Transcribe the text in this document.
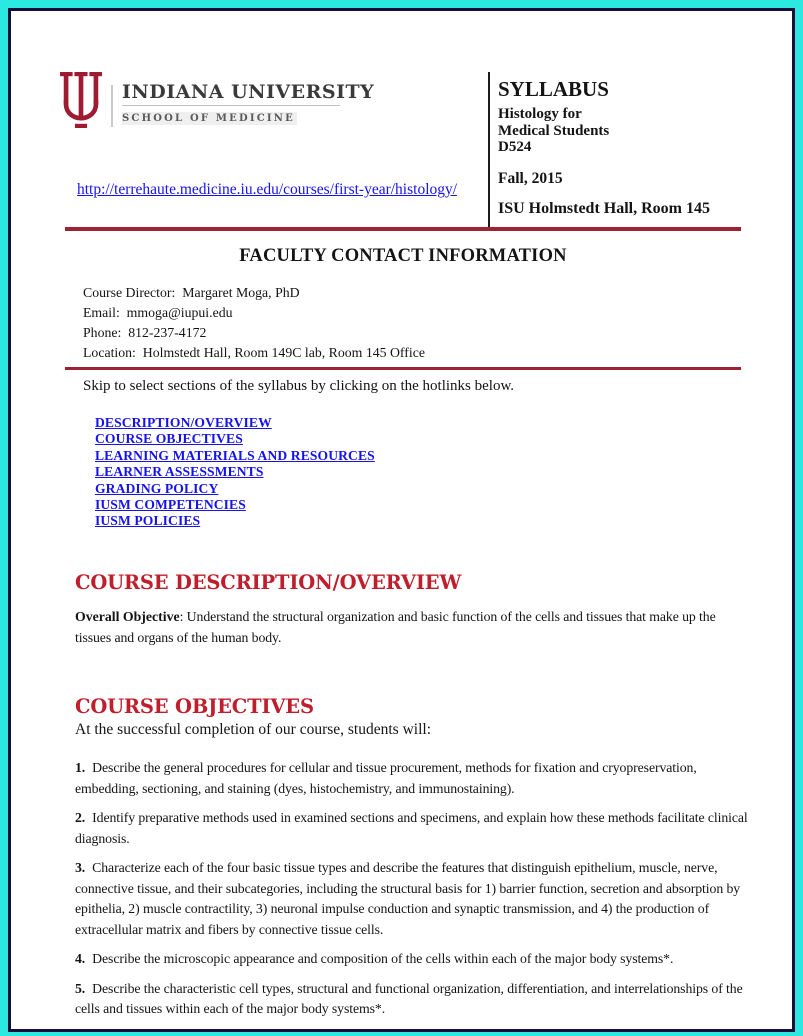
INDIANA UNIVERSITY
SCHOOL OF MEDICINE
http://terrehaute.medicine.iu.edu/courses/first-year/histology/
SYLLABUS
Histology for
Medical Students
D524
Fall, 2015
ISU Holmstedt Hall, Room 145
FACULTY CONTACT INFORMATION
Course Director:  Margaret Moga, PhD
Email:  mmoga@iupui.edu
Phone:  812-237-4172
Location:  Holmstedt Hall, Room 149C lab, Room 145 Office
Skip to select sections of the syllabus by clicking on the hotlinks below.
DESCRIPTION/OVERVIEW
COURSE OBJECTIVES
LEARNING MATERIALS AND RESOURCES
LEARNER ASSESSMENTS
GRADING POLICY
IUSM COMPETENCIES
IUSM POLICIES
COURSE DESCRIPTION/OVERVIEW

Overall Objective: Understand the structural organization and basic function of the cells and tissues that make up the tissues and organs of the human body.

COURSE OBJECTIVES

At the successful completion of our course, students will:

1. Describe the general procedures for cellular and tissue procurement, methods for fixation and cryopreservation, embedding, sectioning, and staining (dyes, histochemistry, and immunostaining).

2. Identify preparative methods used in examined sections and specimens, and explain how these methods facilitate clinical diagnosis.

3. Characterize each of the four basic tissue types and describe the features that distinguish epithelium, muscle, nerve, connective tissue, and their subcategories, including the structural basis for 1) barrier function, secretion and absorption by epithelia, 2) muscle contractility, 3) neuronal impulse conduction and synaptic transmission, and 4) the production of extracellular matrix and fibers by connective tissue cells.

4. Describe the microscopic appearance and composition of the cells within each of the major body systems*.

5. Describe the characteristic cell types, structural and functional organization, differentiation, and interrelationships of the cells and tissues within each of the major body systems*.
